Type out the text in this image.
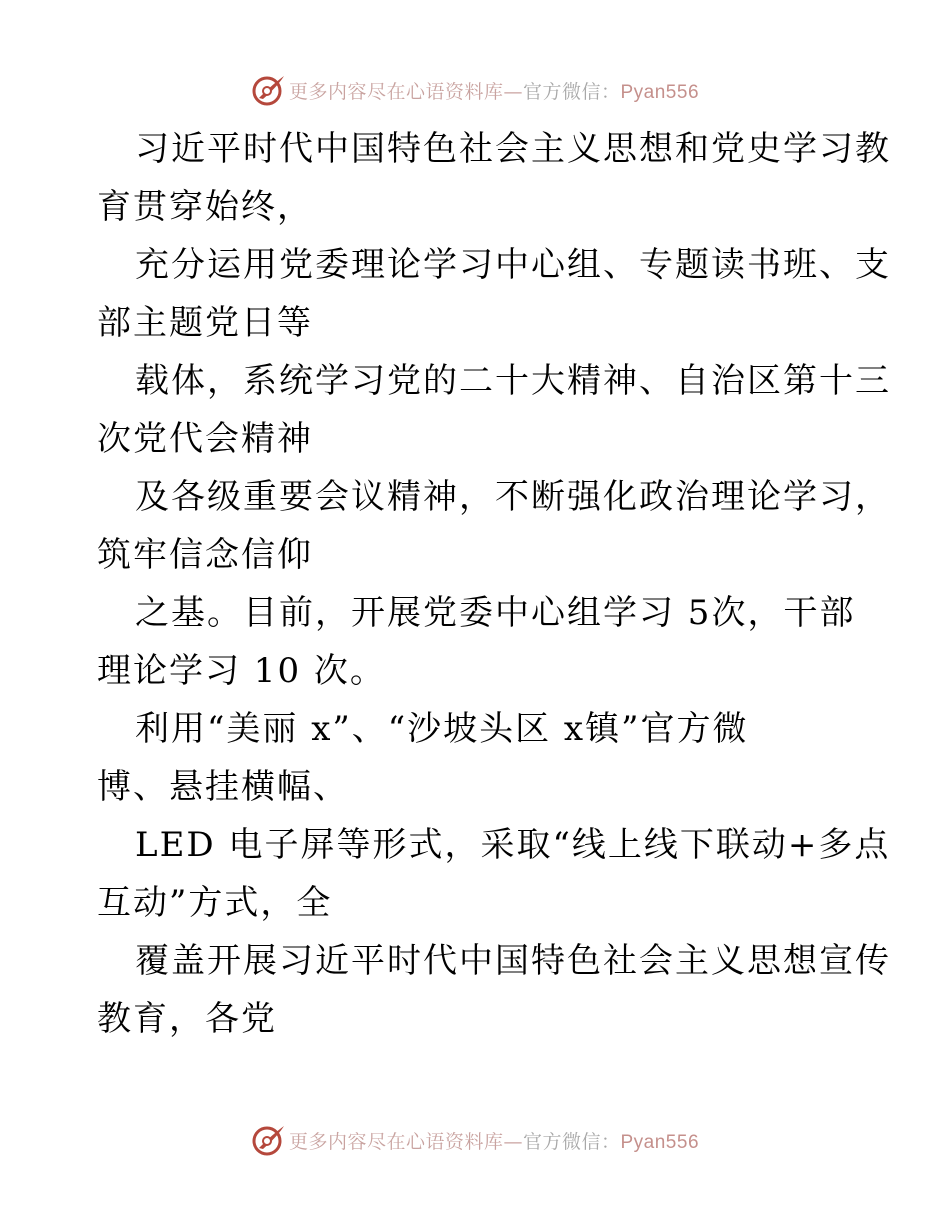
更多内容尽在心语资料库—官方微信：Pyan556
习近平时代中国特色社会主义思想和党史学习教
育贯穿始终，
充分运用党委理论学习中心组、专题读书班、支
部主题党日等
载体，系统学习党的二十大精神、自治区第十三
次党代会精神
及各级重要会议精神，不断强化政治理论学习，
筑牢信念信仰
之基。目前，开展党委中心组学习 5次，干部
理论学习 10 次。
利用“美丽 x”、“沙坡头区 x镇”官方微
博、悬挂横幅、
LED 电子屏等形式，采取“线上线下联动+多点
互动”方式，全
覆盖开展习近平时代中国特色社会主义思想宣传
教育，各党
更多内容尽在心语资料库—官方微信：Pyan556
